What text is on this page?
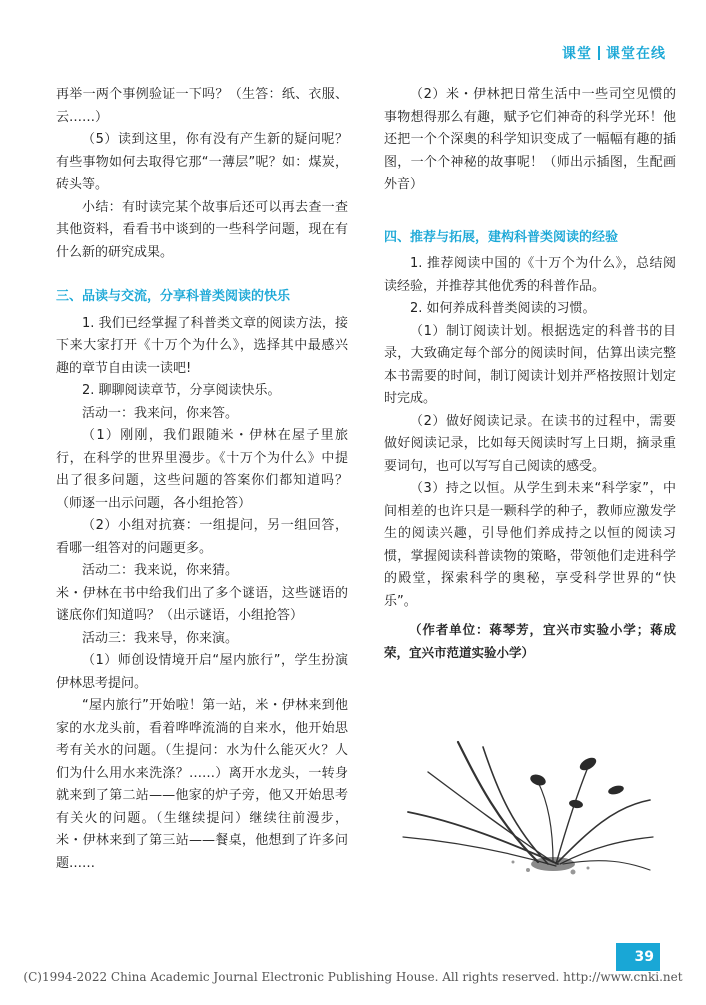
课堂 课堂在线

再举一两个事例验证一下吗？（生答：纸、衣服、云……）

（5）读到这里，你有没有产生新的疑问呢？有些事物如何去取得它那“一薄层”呢？如：煤炭，砖头等。

小结：有时读完某个故事后还可以再去查一查其他资料，看看书中谈到的一些科学问题，现在有什么新的研究成果。

三、品读与交流，分享科普类阅读的快乐

1. 我们已经掌握了科普类文章的阅读方法，接下来大家打开《十万个为什么》，选择其中最感兴趣的章节自由读一读吧!

2. 聊聊阅读章节，分享阅读快乐。

活动一：我来问，你来答。

（1）刚刚，我们跟随米・伊林在屋子里旅行，在科学的世界里漫步。《十万个为什么》中提出了很多问题，这些问题的答案你们都知道吗？（师逐一出示问题，各小组抢答）

（2）小组对抗赛：一组提问，另一组回答，看哪一组答对的问题更多。

活动二：我来说，你来猜。

米・伊林在书中给我们出了多个谜语，这些谜语的谜底你们知道吗？（出示谜语，小组抢答）

活动三：我来导，你来演。

（1）师创设情境开启“屋内旅行”，学生扮演伊林思考提问。

“屋内旅行”开始啦！第一站，米・伊林来到他家的水龙头前，看着哗哗流淌的自来水，他开始思考有关水的问题。（生提问：水为什么能灭火？人们为什么用水来洗涤？……）离开水龙头，一转身就来到了第二站——他家的炉子旁，他又开始思考有关火的问题。（生继续提问）继续往前漫步，米・伊林来到了第三站——餐桌，他想到了许多问题……

（2）米・伊林把日常生活中一些司空见惯的事物想得那么有趣，赋予它们神奇的科学光环！他还把一个个深奥的科学知识变成了一幅幅有趣的插图，一个个神秘的故事呢！（师出示插图，生配画外音）

四、推荐与拓展，建构科普类阅读的经验

1. 推荐阅读中国的《十万个为什么》，总结阅读经验，并推荐其他优秀的科普作品。

2. 如何养成科普类阅读的习惯。

（1）制订阅读计划。根据选定的科普书的目录，大致确定每个部分的阅读时间，估算出读完整本书需要的时间，制订阅读计划并严格按照计划定时完成。

（2）做好阅读记录。在读书的过程中，需要做好阅读记录，比如每天阅读时写上日期，摘录重要词句，也可以写写自己阅读的感受。

（3）持之以恒。从学生到未来“科学家”，中间相差的也许只是一颗科学的种子，教师应激发学生的阅读兴趣，引导他们养成持之以恒的阅读习惯，掌握阅读科普读物的策略，带领他们走进科学的殿堂，探索科学的奥秘，享受科学世界的“快乐”。

（作者单位：蒋琴芳，宜兴市实验小学；蒋成荣，宜兴市范道实验小学）

39
(C)1994-2022 China Academic Journal Electronic Publishing House. All rights reserved. http://www.cnki.net
